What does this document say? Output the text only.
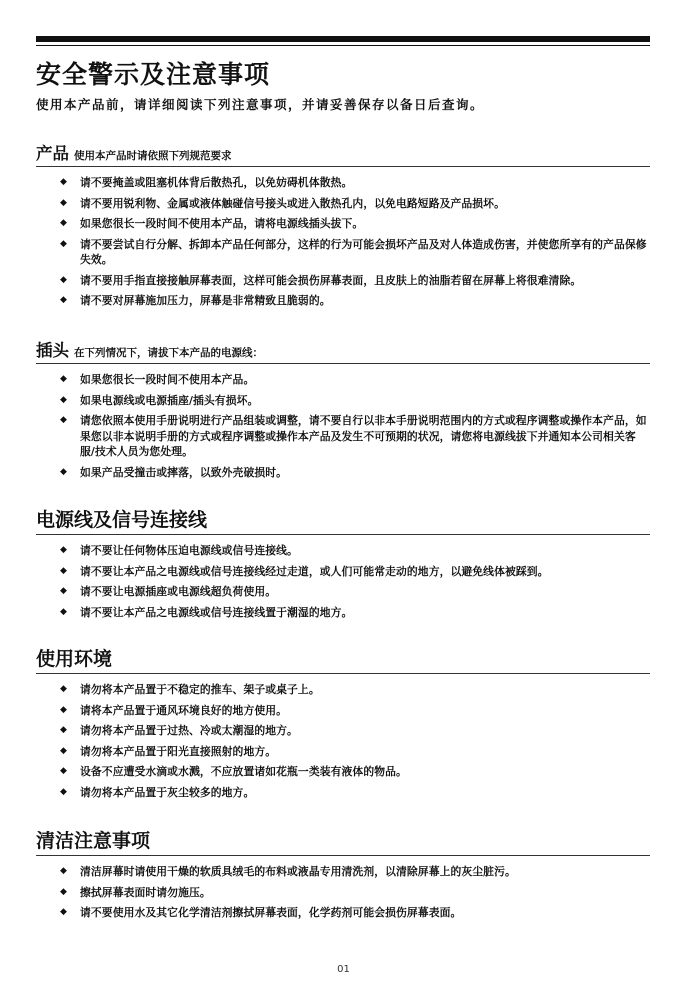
安全警示及注意事项
使用本产品前，请详细阅读下列注意事项，并请妥善保存以备日后查询。
产品 使用本产品时请依照下列规范要求
◆ 请不要掩盖或阻塞机体背后散热孔，以免妨碍机体散热。
◆ 请不要用锐利物、金属或液体触碰信号接头或进入散热孔内，以免电路短路及产品损坏。
◆ 如果您很长一段时间不使用本产品，请将电源线插头拔下。
◆ 请不要尝试自行分解、拆卸本产品任何部分，这样的行为可能会损坏产品及对人体造成伤害，并使您所享有的产品保修失效。
◆ 请不要用手指直接接触屏幕表面，这样可能会损伤屏幕表面，且皮肤上的油脂若留在屏幕上将很难清除。
◆ 请不要对屏幕施加压力，屏幕是非常精致且脆弱的。
插头 在下列情况下，请拔下本产品的电源线：
◆ 如果您很长一段时间不使用本产品。
◆ 如果电源线或电源插座/插头有损坏。
◆ 请您依照本使用手册说明进行产品组装或调整，请不要自行以非本手册说明范围内的方式或程序调整或操作本产品，如果您以非本说明手册的方式或程序调整或操作本产品及发生不可预期的状况，请您将电源线拔下并通知本公司相关客服/技术人员为您处理。
◆ 如果产品受撞击或摔落，以致外壳破损时。
电源线及信号连接线
◆ 请不要让任何物体压迫电源线或信号连接线。
◆ 请不要让本产品之电源线或信号连接线经过走道，或人们可能常走动的地方，以避免线体被踩到。
◆ 请不要让电源插座或电源线超负荷使用。
◆ 请不要让本产品之电源线或信号连接线置于潮湿的地方。
使用环境
◆ 请勿将本产品置于不稳定的推车、架子或桌子上。
◆ 请将本产品置于通风环境良好的地方使用。
◆ 请勿将本产品置于过热、冷或太潮湿的地方。
◆ 请勿将本产品置于阳光直接照射的地方。
◆ 设备不应遭受水滴或水溅，不应放置诸如花瓶一类装有液体的物品。
◆ 请勿将本产品置于灰尘较多的地方。
清洁注意事项
◆ 清洁屏幕时请使用干燥的软质具绒毛的布料或液晶专用清洗剂，以清除屏幕上的灰尘脏污。
◆ 擦拭屏幕表面时请勿施压。
◆ 请不要使用水及其它化学清洁剂擦拭屏幕表面，化学药剂可能会损伤屏幕表面。
01
